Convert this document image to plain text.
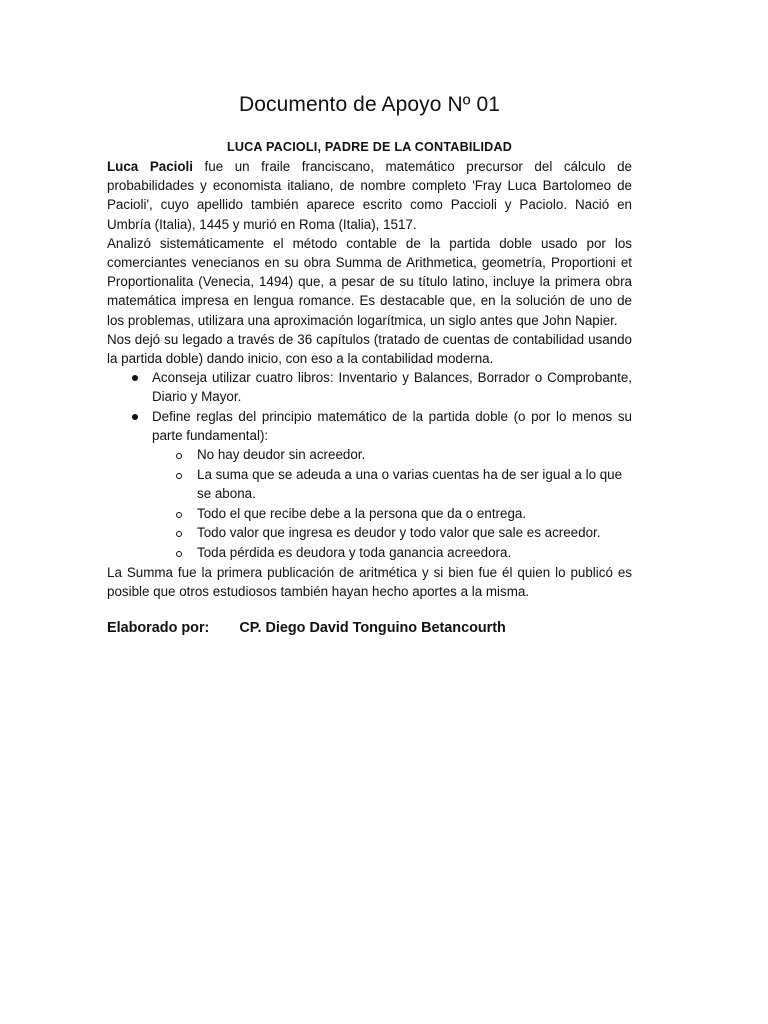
Documento de Apoyo Nº 01
LUCA PACIOLI, PADRE DE LA CONTABILIDAD

Luca Pacioli fue un fraile franciscano, matemático precursor del cálculo de probabilidades y economista italiano, de nombre completo 'Fray Luca Bartolomeo de Pacioli', cuyo apellido también aparece escrito como Paccioli y Paciolo. Nació en Umbría (Italia), 1445 y murió en Roma (Italia), 1517.

Analizó sistemáticamente el método contable de la partida doble usado por los comerciantes venecianos en su obra Summa de Arithmetica, geometría, Proportioni et Proportionalita (Venecia, 1494) que, a pesar de su título latino, incluye la primera obra matemática impresa en lengua romance. Es destacable que, en la solución de uno de los problemas, utilizara una aproximación logarítmica, un siglo antes que John Napier.

Nos dejó su legado a través de 36 capítulos (tratado de cuentas de contabilidad usando la partida doble) dando inicio, con eso a la contabilidad moderna.

Aconseja utilizar cuatro libros: Inventario y Balances, Borrador o Comprobante, Diario y Mayor.
Define reglas del principio matemático de la partida doble (o por lo menos su parte fundamental):
No hay deudor sin acreedor.
La suma que se adeuda a una o varias cuentas ha de ser igual a lo que se abona.
Todo el que recibe debe a la persona que da o entrega.
Todo valor que ingresa es deudor y todo valor que sale es acreedor.
Toda pérdida es deudora y toda ganancia acreedora.

La Summa fue la primera publicación de aritmética y si bien fue él quien lo publicó es posible que otros estudiosos también hayan hecho aportes a la misma.

Elaborado por: CP. Diego David Tonguino Betancourth
